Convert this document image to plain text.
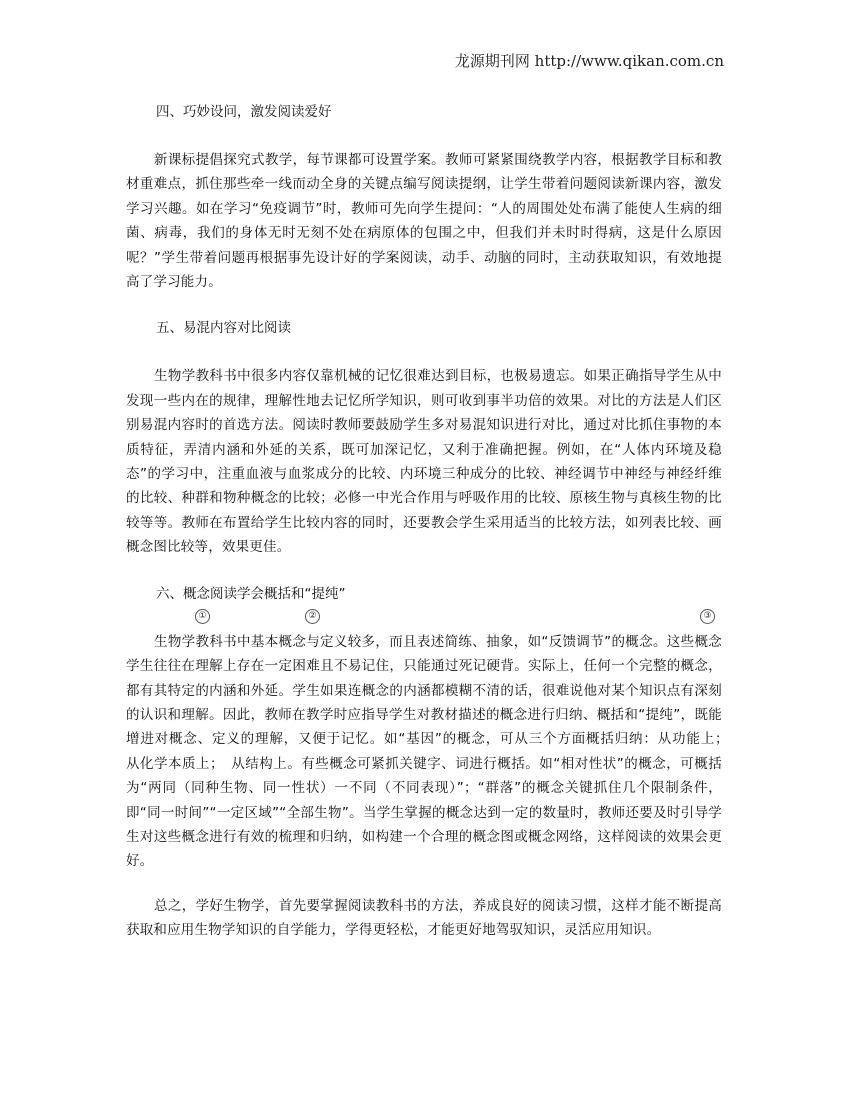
龙源期刊网 http://www.qikan.com.cn
四、巧妙设问，激发阅读爱好
新课标提倡探究式教学，每节课都可设置学案。教师可紧紧围绕教学内容，根据教学目标和教材重难点，抓住那些牵一线而动全身的关键点编写阅读提纲，让学生带着问题阅读新课内容，激发学习兴趣。如在学习“免疫调节”时，教师可先向学生提问：“人的周围处处布满了能使人生病的细菌、病毒，我们的身体无时无刻不处在病原体的包围之中，但我们并未时时得病，这是什么原因呢？”学生带着问题再根据事先设计好的学案阅读，动手、动脑的同时，主动获取知识，有效地提高了学习能力。
五、易混内容对比阅读
生物学教科书中很多内容仅靠机械的记忆很难达到目标，也极易遗忘。如果正确指导学生从中发现一些内在的规律，理解性地去记忆所学知识，则可收到事半功倍的效果。对比的方法是人们区别易混内容时的首选方法。阅读时教师要鼓励学生多对易混知识进行对比，通过对比抓住事物的本质特征，弄清内涵和外延的关系，既可加深记忆，又利于准确把握。例如，在“人体内环境及稳态”的学习中，注重血液与血浆成分的比较、内环境三种成分的比较、神经调节中神经与神经纤维的比较、种群和物种概念的比较；必修一中光合作用与呼吸作用的比较、原核生物与真核生物的比较等等。教师在布置给学生比较内容的同时，还要教会学生采用适当的比较方法，如列表比较、画概念图比较等，效果更佳。
六、概念阅读学会概括和“提纯”
生物学教科书中基本概念与定义较多，而且表述简练、抽象，如“反馈调节”的概念。这些概念学生往往在理解上存在一定困难且不易记住，只能通过死记硬背。实际上，任何一个完整的概念，都有其特定的内涵和外延。学生如果连概念的内涵都模糊不清的话，很难说他对某个知识点有深刻的认识和理解。因此，教师在教学时应指导学生对教材描述的概念进行归纳、概括和“提纯”，既能增进对概念、定义的理解，又便于记忆。如“基因”的概念，可从三个方面概括归纳：从功能上；　从化学本质上；　从结构上。有些概念可紧抓关键字、词进行概括。如“相对性状”的概念，可概括为“两同（同种生物、同一性状）一不同（不同表现）”；“群落”的概念关键抓住几个限制条件，即“同一时间”“一定区域”“全部生物”。当学生掌握的概念达到一定的数量时，教师还要及时引导学生对这些概念进行有效的梳理和归纳，如构建一个合理的概念图或概念网络，这样阅读的效果会更好。
总之，学好生物学，首先要掌握阅读教科书的方法，养成良好的阅读习惯，这样才能不断提高获取和应用生物学知识的自学能力，学得更轻松，才能更好地驾驭知识，灵活应用知识。
①	②	③
